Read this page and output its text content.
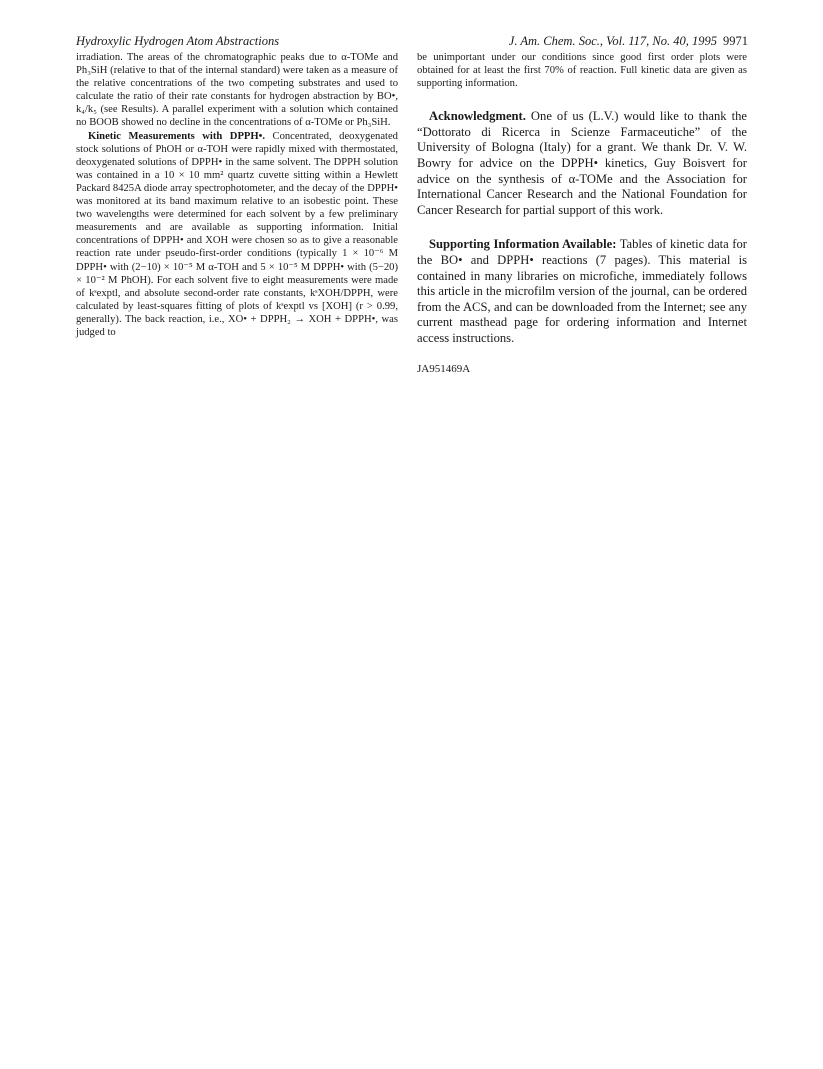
Hydroxylic Hydrogen Atom Abstractions	J. Am. Chem. Soc., Vol. 117, No. 40, 1995 9971

irradiation. The areas of the chromatographic peaks due to α-TOMe and Ph₃SiH (relative to that of the internal standard) were taken as a measure of the relative concentrations of the two competing substrates and used to calculate the ratio of their rate constants for hydrogen abstraction by BO•, k₄/k₅ (see Results). A parallel experiment with a solution which contained no BOOB showed no decline in the concentrations of α-TOMe or Ph₃SiH.

Kinetic Measurements with DPPH•. Concentrated, deoxygenated stock solutions of PhOH or α-TOH were rapidly mixed with thermostated, deoxygenated solutions of DPPH• in the same solvent. The DPPH solution was contained in a 10 × 10 mm² quartz cuvette sitting within a Hewlett Packard 8425A diode array spectrophotometer, and the decay of the DPPH• was monitored at its band maximum relative to an isobestic point. These two wavelengths were determined for each solvent by a few preliminary measurements and are available as supporting information. Initial concentrations of DPPH• and XOH were chosen so as to give a reasonable reaction rate under pseudo-first-order conditions (typically 1 × 10⁻⁶ M DPPH• with (2−10) × 10⁻⁵ M α-TOH and 5 × 10⁻⁵ M DPPH• with (5−20) × 10⁻² M PhOH). For each solvent five to eight measurements were made of kˢexptl, and absolute second-order rate constants, kˢXOH/DPPH, were calculated by least-squares fitting of plots of kˢexptl vs [XOH] (r > 0.99, generally). The back reaction, i.e., XO• + DPPH₂ → XOH + DPPH•, was judged to

be unimportant under our conditions since good first order plots were obtained for at least the first 70% of reaction. Full kinetic data are given as supporting information.

Acknowledgment. One of us (L.V.) would like to thank the “Dottorato di Ricerca in Scienze Farmaceutiche” of the University of Bologna (Italy) for a grant. We thank Dr. V. W. Bowry for advice on the DPPH• kinetics, Guy Boisvert for advice on the synthesis of α-TOMe and the Association for International Cancer Research and the National Foundation for Cancer Research for partial support of this work.

Supporting Information Available: Tables of kinetic data for the BO• and DPPH• reactions (7 pages). This material is contained in many libraries on microfiche, immediately follows this article in the microfilm version of the journal, can be ordered from the ACS, and can be downloaded from the Internet; see any current masthead page for ordering information and Internet access instructions.

JA951469A
